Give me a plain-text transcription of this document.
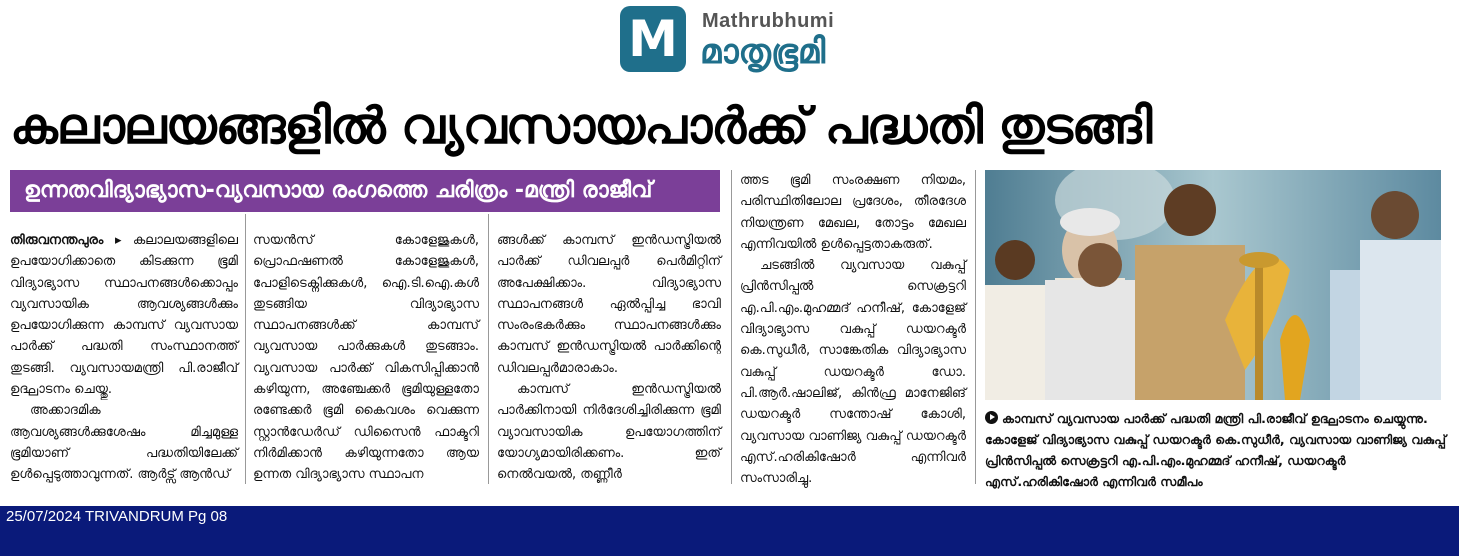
M	Mathrubhumi
മാതൃഭൂമി
കലാലയങ്ങളിൽ വ്യവസായപാർക്ക് പദ്ധതി തുടങ്ങി
ഉന്നതവിദ്യാഭ്യാസ-വ്യവസായ രംഗത്തെ ചരിത്രം -മന്ത്രി രാജീവ്

തിരുവനന്തപുരം ▸ കലാലയങ്ങളിലെ ഉപയോഗിക്കാതെ കിടക്കുന്ന ഭൂമി വിദ്യാഭ്യാസ സ്ഥാപനങ്ങൾക്കൊപ്പം വ്യവസായിക ആവശ്യങ്ങൾക്കും ഉപയോഗിക്കുന്ന കാമ്പസ് വ്യവസായ പാർക്ക് പദ്ധതി സംസ്ഥാനത്ത് തുടങ്ങി. വ്യവസായമന്ത്രി പി.രാജീവ് ഉദ്ഘാടനം ചെയ്തു.

അക്കാദമിക ആവശ്യങ്ങൾക്കുശേഷം മിച്ചമുള്ള ഭൂമിയാണ് പദ്ധതിയിലേക്ക് ഉൾപ്പെടുത്താവുന്നത്. ആർട്സ് ആൻഡ്

സയൻസ് കോളേജുകൾ, പ്രൊഫഷണൽ കോളേജുകൾ, പോളിടെക്നിക്കുകൾ, ഐ.ടി.ഐ.കൾ തുടങ്ങിയ വിദ്യാഭ്യാസ സ്ഥാപനങ്ങൾക്ക് കാമ്പസ് വ്യവസായ പാർക്കുകൾ തുടങ്ങാം. വ്യവസായ പാർക്ക് വികസിപ്പിക്കാൻ കഴിയുന്ന, അഞ്ചേക്കർ ഭൂമിയുള്ളതോ രണ്ടേക്കർ ഭൂമി കൈവശം വെക്കുന്ന സ്റ്റാൻഡേർഡ് ഡിസൈൻ ഫാക്ടറി നിർമിക്കാൻ കഴിയുന്നതോ ആയ ഉന്നത വിദ്യാഭ്യാസ സ്ഥാപന

ങ്ങൾക്ക് കാമ്പസ് ഇൻഡസ്ട്രിയൽ പാർക്ക് ഡിവലപ്പർ പെർമിറ്റിന് അപേക്ഷിക്കാം. വിദ്യാഭ്യാസ സ്ഥാപനങ്ങൾ ഏൽപ്പിച്ച ഭാവി സംരംഭകർക്കും സ്ഥാപനങ്ങൾക്കും കാമ്പസ് ഇൻഡസ്ട്രിയൽ പാർക്കിന്റെ ഡിവലപ്പർമാരാകാം.

കാമ്പസ് ഇൻഡസ്ട്രിയൽ പാർക്കിനായി നിർദേശിച്ചിരിക്കുന്ന ഭൂമി വ്യാവസായിക ഉപയോഗത്തിന് യോഗ്യമായിരിക്കണം. ഇത് നെൽവയൽ, തണ്ണീർ

ത്തട ഭൂമി സംരക്ഷണ നിയമം, പരിസ്ഥിതിലോല പ്രദേശം, തീരദേശ നിയന്ത്രണ മേഖല, തോട്ടം മേഖല എന്നിവയിൽ ഉൾപ്പെട്ടതാകരുത്.

ചടങ്ങിൽ വ്യവസായ വകുപ്പ് പ്രിൻസിപ്പൽ സെക്രട്ടറി എ.പി.എം.മുഹമ്മദ് ഹനീഷ്, കോളേജ് വിദ്യാഭ്യാസ വകുപ്പ് ഡയറക്ടർ കെ.സുധീർ, സാങ്കേതിക വിദ്യാഭ്യാസ വകുപ്പ് ഡയറക്ടർ ഡോ. പി.ആർ.ഷാലിജ്, കിൻഫ്ര മാനേജിങ് ഡയറക്ടർ സന്തോഷ് കോശി, വ്യവസായ വാണിജ്യ വകുപ്പ് ഡയറക്ടർ എസ്.ഹരികിഷോർ എന്നിവർ സംസാരിച്ചു.

കാമ്പസ് വ്യവസായ പാർക്ക് പദ്ധതി മന്ത്രി പി.രാജീവ് ഉദ്ഘാടനം ചെയ്യുന്നു. കോളേജ് വിദ്യാഭ്യാസ വകുപ്പ് ഡയറക്ടർ കെ.സുധീർ, വ്യവസായ വാണിജ്യ വകുപ്പ് പ്രിൻസിപ്പൽ സെക്രട്ടറി എ.പി.എം.മുഹമ്മദ് ഹനീഷ്, ഡയറക്ടർ എസ്.ഹരികിഷോർ എന്നിവർ സമീപം
25/07/2024 TRIVANDRUM Pg 08
